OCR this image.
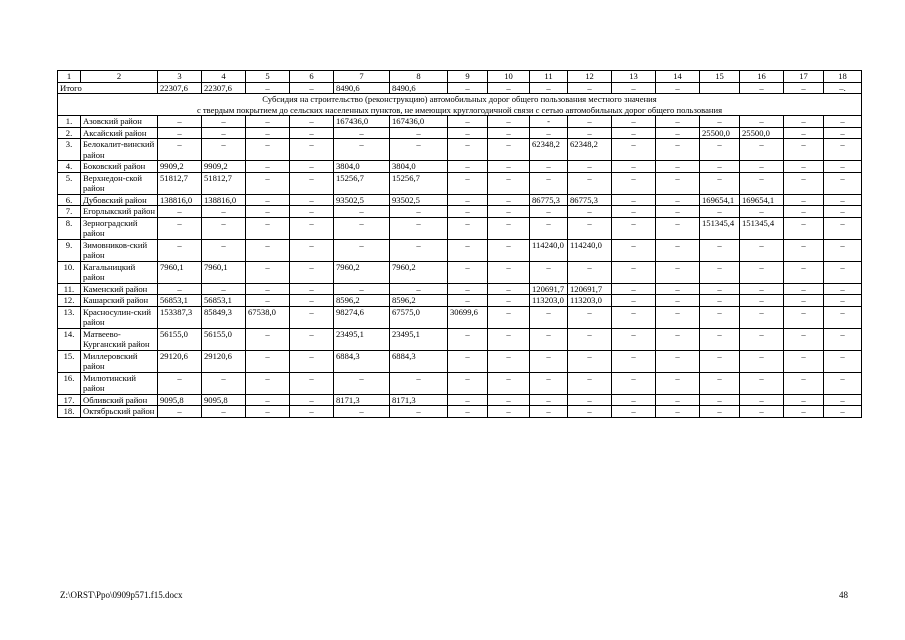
1	2	3	4	5	6	7	8	9	10	11	12	13	14	15	16	17	18
Итого		22307,6	22307,6	–	–	8490,6	8490,6	–	–	–	–	–	–		–	–	–.

Субсидия на строительство (реконструкцию) автомобильных дорог общего пользования местного значения
с твердым покрытием до сельских населенных пунктов, не имеющих круглогодичной связи с сетью автомобильных дорог общего пользования																	

1.	Азовский район	–	–	–	–	167436,0	167436,0	–	–	-	–	–	–	–	–	–	–
2.	Аксайский район	–	–	–	–	–	–	–	–	–	–	–	–	25500,0	25500,0	–	–
3.	Белокалит-винский район	–	–	–	–	–	–	–	–	62348,2	62348,2	–	–	–	–	–	–
4.	Боковский район	9909,2	9909,2	–	–	3804,0	3804,0	–	–	–	–	–	–	–	–	–	–
5.	Верхнедон-ской район	51812,7	51812,7	–	–	15256,7	15256,7	–	–	–	–	–	–	–	–	–	–
6.	Дубовский район	138816,0	138816,0	–	–	93502,5	93502,5	–	–	86775,3	86775,3	–	–	169654,1	169654,1	–	–
7.	Егорлыкский район	–	–	–	–	–	–	–	–	–	–	–	–	–	–	–	–
8.	Зерноградский район	–	–	–	–	–	–	–	–	–	–	–	–	151345,4	151345,4	–	–
9.	Зимовников-ский район	–	–	–	–	–	–	–	–	114240,0	114240,0	–	–	–	–	–	–
10.	Кагальницкий район	7960,1	7960,1	–	–	7960,2	7960,2	–	–	–	–	–	–	–	–	–	–
11.	Каменский район	–	–	–	–	–	–	–	–	120691,7	120691,7	–	–	–	–	–	–
12.	Кашарский район	56853,1	56853,1	–	–	8596,2	8596,2	–	–	113203,0	113203,0	–	–	–	–	–	–
13.	Красносулин-ский район	153387,3	85849,3	67538,0	–	98274,6	67575,0	30699,6	–	–	–	–	–	–	–	–	–
14.	Матвеево-Курганский район	56155,0	56155,0	–	–	23495,1	23495,1	–	–	–	–	–	–	–	–	–	–
15.	Миллеровский район	29120,6	29120,6	–	–	6884,3	6884,3	–	–	–	–	–	–	–	–	–	–
16.	Милютинский район	–	–	–	–	–	–	–	–	–	–	–	–	–	–	–	–
17.	Обливский район	9095,8	9095,8	–	–	8171,3	8171,3	–	–	–	–	–	–	–	–	–	–
18.	Октябрьский район	–	–	–	–	–	–	–	–	–	–	–	–	–	–	–	–
Z:\ORST\Ppo\0909p571.f15.docx	48
